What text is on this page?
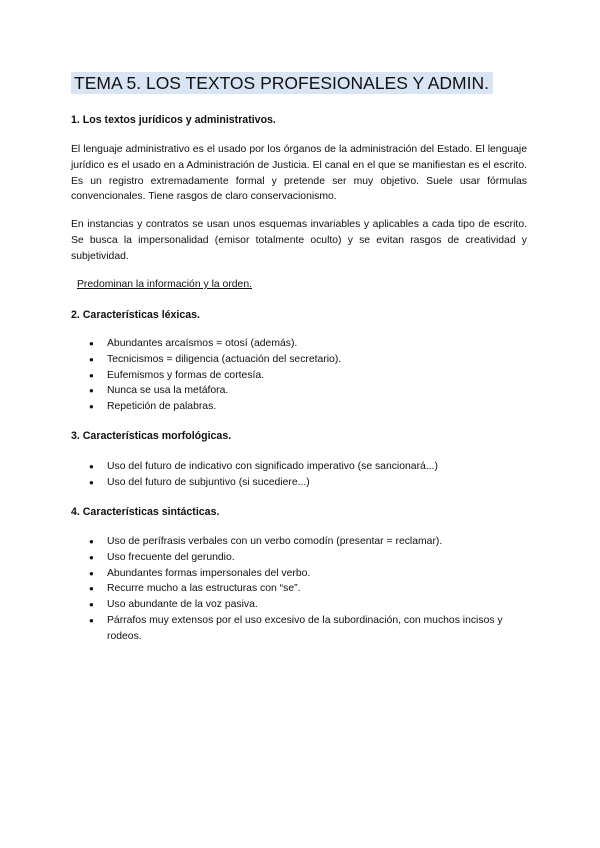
TEMA 5. LOS TEXTOS PROFESIONALES Y ADMIN.
1. Los textos jurídicos y administrativos.
El lenguaje administrativo es el usado por los órganos de la administración del Estado. El lenguaje jurídico es el usado en a Administración de Justicia. El canal en el que se manifiestan es el escrito. Es un registro extremadamente formal y pretende ser muy objetivo. Suele usar fórmulas convencionales. Tiene rasgos de claro conservacionismo.
En instancias y contratos se usan unos esquemas invariables y aplicables a cada tipo de escrito. Se busca la impersonalidad (emisor totalmente oculto) y se evitan rasgos de creatividad y subjetividad.
Predominan la información y la orden.
2. Características léxicas.
● Abundantes arcaísmos = otosí (además).
● Tecnicismos = diligencia (actuación del secretario).
● Eufemismos y formas de cortesía.
● Nunca se usa la metáfora.
● Repetición de palabras.
3. Características morfológicas.
● Uso del futuro de indicativo con significado imperativo (se sancionará...)
● Uso del futuro de subjuntivo (si sucediere...)
4. Características sintácticas.
● Uso de perífrasis verbales con un verbo comodín (presentar = reclamar).
● Uso frecuente del gerundio.
● Abundantes formas impersonales del verbo.
● Recurre mucho a las estructuras con “se”.
● Uso abundante de la voz pasiva.
● Párrafos muy extensos por el uso excesivo de la subordinación, con muchos incisos y rodeos.
